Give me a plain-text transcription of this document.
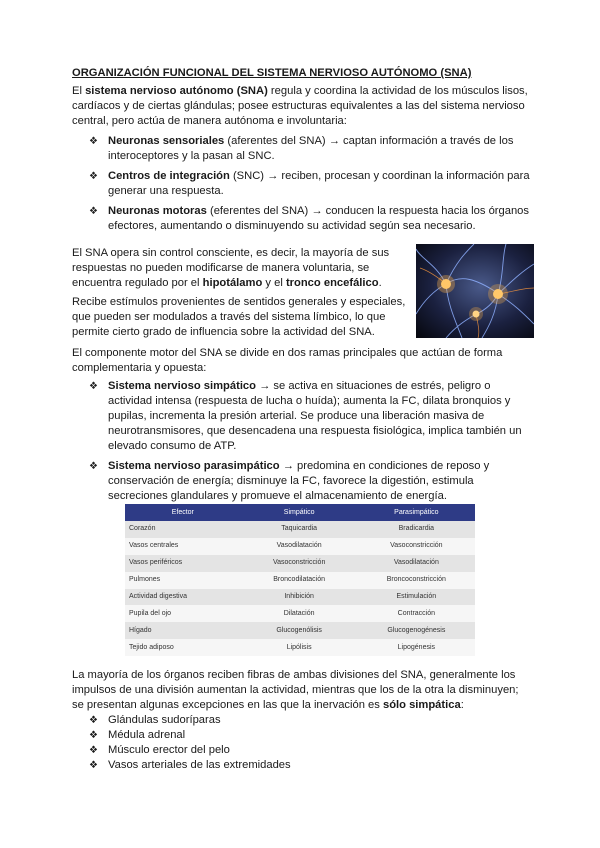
ORGANIZACIÓN FUNCIONAL DEL SISTEMA NERVIOSO AUTÓNOMO (SNA)

El sistema nervioso autónomo (SNA) regula y coordina la actividad de los músculos lisos, cardíacos y de ciertas glándulas; posee estructuras equivalentes a las del sistema nervioso central, pero actúa de manera autónoma e involuntaria:

❖ Neuronas sensoriales (aferentes del SNA) → captan información a través de los interoceptores y la pasan al SNC.
❖ Centros de integración (SNC) → reciben, procesan y coordinan la información para generar una respuesta.
❖ Neuronas motoras (eferentes del SNA) → conducen la respuesta hacia los órganos efectores, aumentando o disminuyendo su actividad según sea necesario.

El SNA opera sin control consciente, es decir, la mayoría de sus respuestas no pueden modificarse de manera voluntaria, se encuentra regulado por el hipotálamo y el tronco encefálico.

Recibe estímulos provenientes de sentidos generales y especiales, que pueden ser modulados a través del sistema límbico, lo que permite cierto grado de influencia sobre la actividad del SNA.

El componente motor del SNA se divide en dos ramas principales que actúan de forma complementaria y opuesta:

❖ Sistema nervioso simpático → se activa en situaciones de estrés, peligro o actividad intensa (respuesta de lucha o huída); aumenta la FC, dilata bronquios y pupilas, incrementa la presión arterial. Se produce una liberación masiva de neurotransmisores, que desencadena una respuesta fisiológica, implica también un elevado consumo de ATP.
❖ Sistema nervioso parasimpático → predomina en condiciones de reposo y conservación de energía; disminuye la FC, favorece la digestión, estimula secreciones glandulares y promueve el almacenamiento de energía.
Efector	Simpático	Parasimpático
Corazón	Taquicardia	Bradicardia
Vasos centrales	Vasodilatación	Vasoconstricción
Vasos periféricos	Vasoconstricción	Vasodilatación
Pulmones	Broncodilatación	Broncoconstricción
Actividad digestiva	Inhibición	Estimulación
Pupila del ojo	Dilatación	Contracción
Hígado	Glucogenólisis	Glucogenogénesis
Tejido adiposo	Lipólisis	Lipogénesis

La mayoría de los órganos reciben fibras de ambas divisiones del SNA, generalmente los impulsos de una división aumentan la actividad, mientras que los de la otra la disminuyen; se presentan algunas excepciones en las que la inervación es sólo simpática:

❖ Glándulas sudoríparas
❖ Médula adrenal
❖ Músculo erector del pelo
❖ Vasos arteriales de las extremidades
